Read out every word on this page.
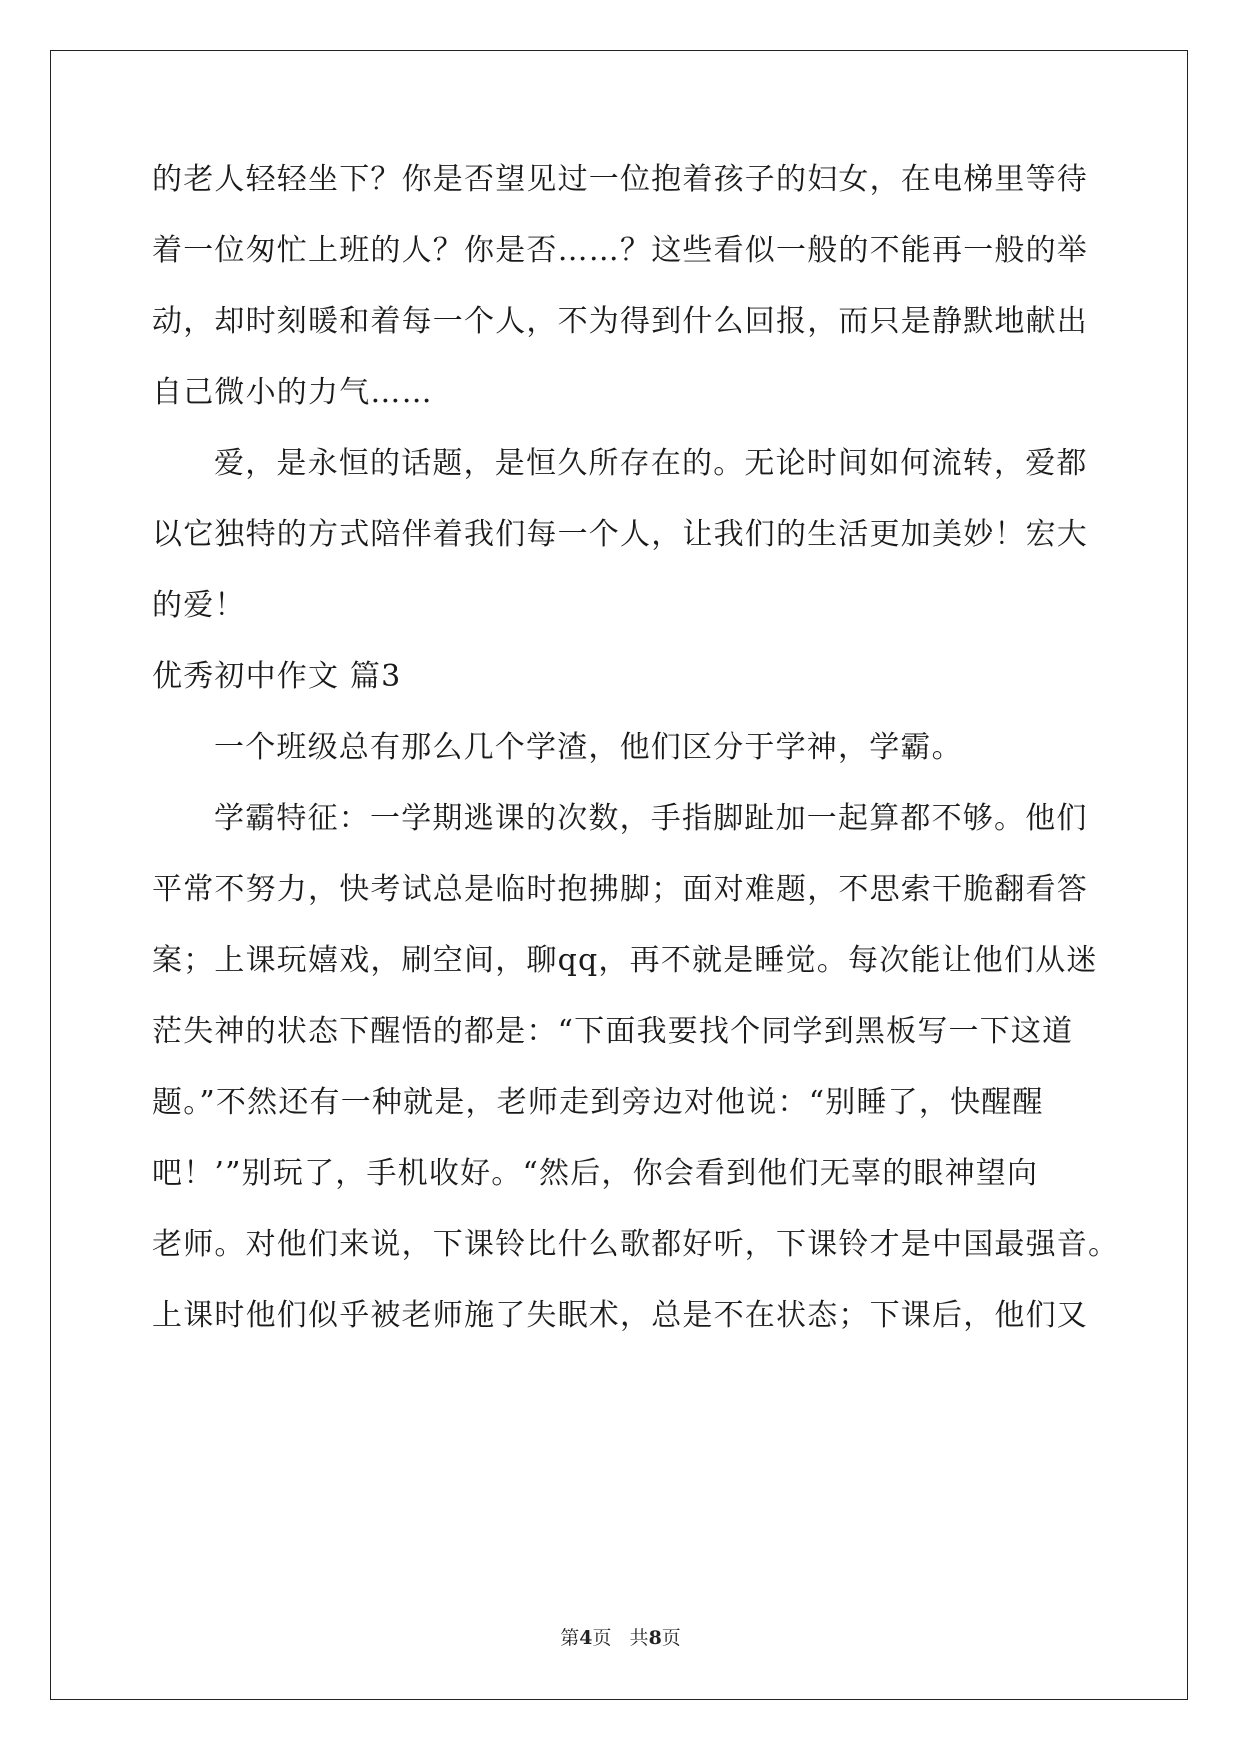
的老人轻轻坐下？你是否望见过一位抱着孩子的妇女，在电梯里等待
着一位匆忙上班的人？你是否……？这些看似一般的不能再一般的举
动，却时刻暖和着每一个人，不为得到什么回报，而只是静默地献出
自己微小的力气……
爱，是永恒的话题，是恒久所存在的。无论时间如何流转，爱都
以它独特的方式陪伴着我们每一个人，让我们的生活更加美妙！宏大
的爱！
优秀初中作文 篇3
一个班级总有那么几个学渣，他们区分于学神，学霸。
学霸特征：一学期逃课的次数，手指脚趾加一起算都不够。他们
平常不努力，快考试总是临时抱拂脚；面对难题，不思索干脆翻看答
案；上课玩嬉戏，刷空间，聊qq，再不就是睡觉。每次能让他们从迷
茫失神的状态下醒悟的都是：“下面我要找个同学到黑板写一下这道
题。”不然还有一种就是，老师走到旁边对他说：“别睡了，快醒醒
吧！’”别玩了，手机收好。“然后，你会看到他们无辜的眼神望向
老师。对他们来说，下课铃比什么歌都好听，下课铃才是中国最强音。
上课时他们似乎被老师施了失眠术，总是不在状态；下课后，他们又
第4页   共8页
